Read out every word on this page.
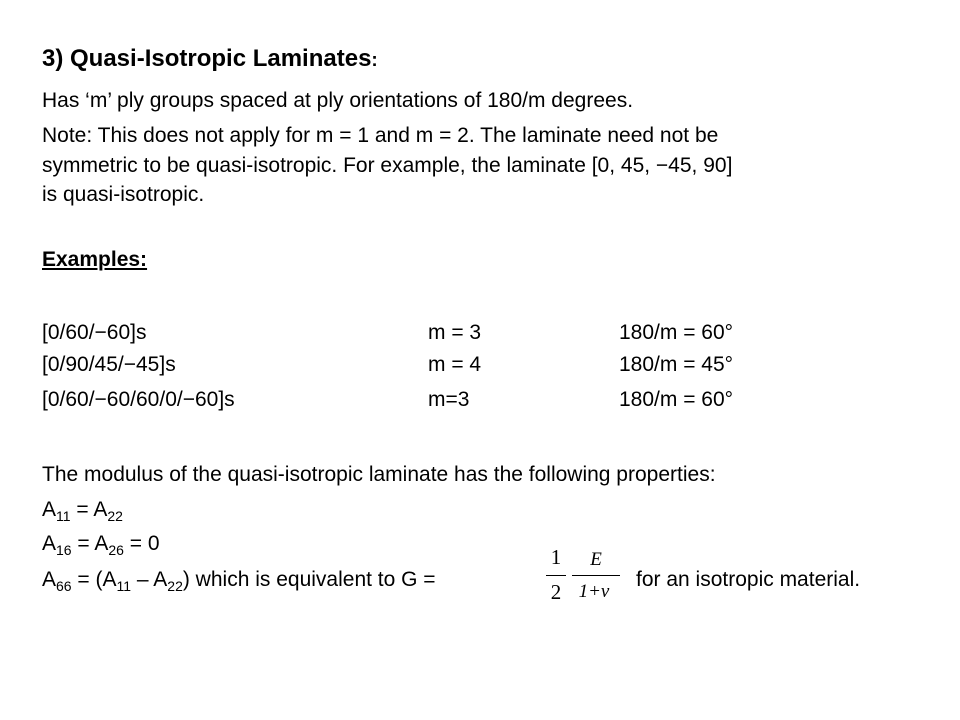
3) Quasi-Isotropic Laminates:
Has ‘m’ ply groups spaced at ply orientations of 180/m degrees.
Note: This does not apply for m = 1 and m = 2. The laminate need not be
symmetric to be quasi-isotropic. For example, the laminate [0, 45, −45, 90]
is quasi-isotropic.
Examples:
[0/60/−60]s	m = 3	180/m = 60°
[0/90/45/−45]s	m = 4	180/m = 45°
[0/60/−60/60/0/−60]s	m=3	180/m = 60°
The modulus of the quasi-isotropic laminate has the following properties:
$A_{11} = A_{22}$
$A_{16} = A_{26} = 0$
$A_{66} = (A_{11} - A_{22})$ which is equivalent to G =
1
2
E
1+ν
for an isotropic material.
